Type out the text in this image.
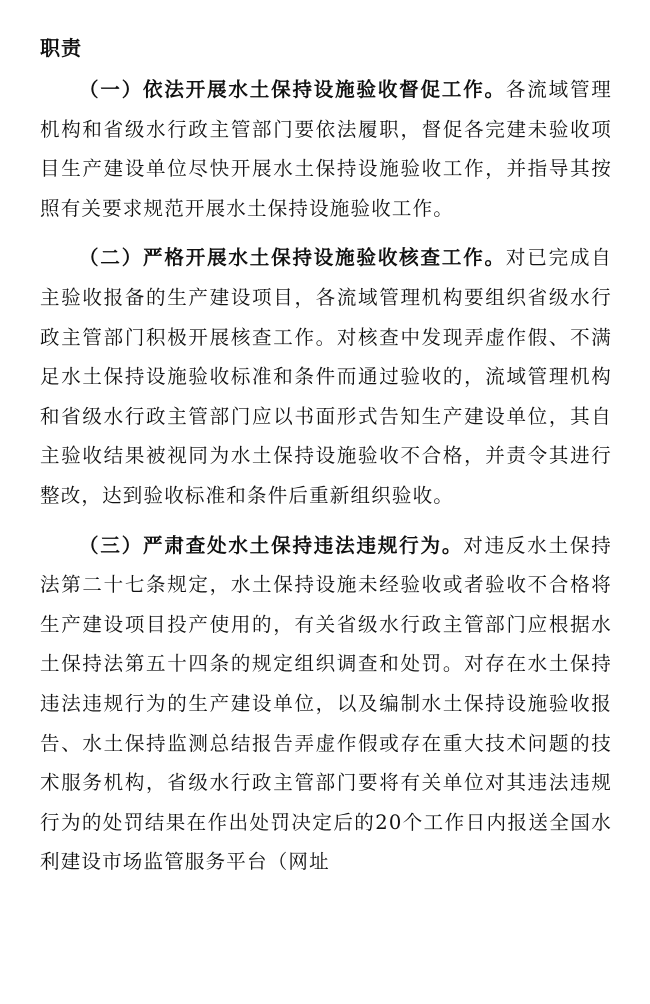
职责

（一）依法开展水土保持设施验收督促工作。各流域管理机构和省级水行政主管部门要依法履职，督促各完建未验收项目生产建设单位尽快开展水土保持设施验收工作，并指导其按照有关要求规范开展水土保持设施验收工作。

（二）严格开展水土保持设施验收核查工作。对已完成自主验收报备的生产建设项目，各流域管理机构要组织省级水行政主管部门积极开展核查工作。对核查中发现弄虚作假、不满足水土保持设施验收标准和条件而通过验收的，流域管理机构和省级水行政主管部门应以书面形式告知生产建设单位，其自主验收结果被视同为水土保持设施验收不合格，并责令其进行整改，达到验收标准和条件后重新组织验收。

（三）严肃查处水土保持违法违规行为。对违反水土保持法第二十七条规定，水土保持设施未经验收或者验收不合格将生产建设项目投产使用的，有关省级水行政主管部门应根据水土保持法第五十四条的规定组织调查和处罚。对存在水土保持违法违规行为的生产建设单位，以及编制水土保持设施验收报告、水土保持监测总结报告弄虚作假或存在重大技术问题的技术服务机构，省级水行政主管部门要将有关单位对其违法违规行为的处罚结果在作出处罚决定后的20个工作日内报送全国水利建设市场监管服务平台（网址
